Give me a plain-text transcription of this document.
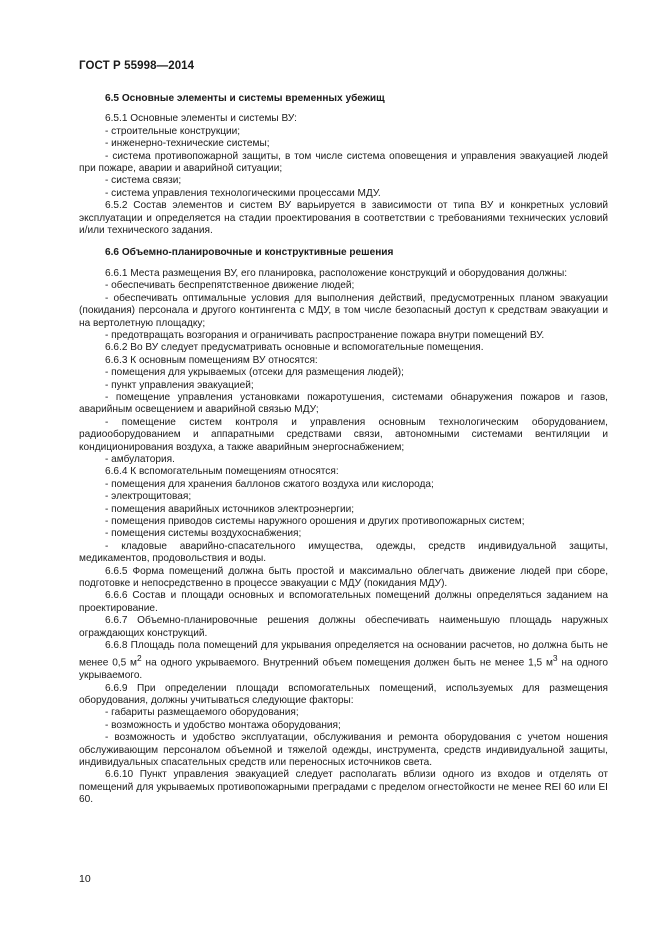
ГОСТ Р 55998—2014

6.5 Основные элементы и системы временных убежищ

6.5.1 Основные элементы и системы ВУ:

- строительные конструкции;

- инженерно-технические системы;

- система противопожарной защиты, в том числе система оповещения и управления эвакуацией людей при пожаре, аварии и аварийной ситуации;

- система связи;

- система управления технологическими процессами МДУ.

6.5.2 Состав элементов и систем ВУ варьируется в зависимости от типа ВУ и конкретных условий эксплуатации и определяется на стадии проектирования в соответствии с требованиями технических условий и/или технического задания.

6.6 Объемно-планировочные и конструктивные решения

6.6.1 Места размещения ВУ, его планировка, расположение конструкций и оборудования должны:

- обеспечивать беспрепятственное движение людей;

- обеспечивать оптимальные условия для выполнения действий, предусмотренных планом эвакуации (покидания) персонала и другого контингента с МДУ, в том числе безопасный доступ к средствам эвакуации и на вертолетную площадку;

- предотвращать возгорания и ограничивать распространение пожара внутри помещений ВУ.

6.6.2 Во ВУ следует предусматривать основные и вспомогательные помещения.

6.6.3 К основным помещениям ВУ относятся:

- помещения для укрываемых (отсеки для размещения людей);

- пункт управления эвакуацией;

- помещение управления установками пожаротушения, системами обнаружения пожаров и газов, аварийным освещением и аварийной связью МДУ;

- помещение систем контроля и управления основным технологическим оборудованием, радиооборудованием и аппаратными средствами связи, автономными системами вентиляции и кондиционирования воздуха, а также аварийным энергоснабжением;

- амбулатория.

6.6.4 К вспомогательным помещениям относятся:

- помещения для хранения баллонов сжатого воздуха или кислорода;

- электрощитовая;

- помещения аварийных источников электроэнергии;

- помещения приводов системы наружного орошения и других противопожарных систем;

- помещения системы воздухоснабжения;

- кладовые аварийно-спасательного имущества, одежды, средств индивидуальной защиты, медикаментов, продовольствия и воды.

6.6.5 Форма помещений должна быть простой и максимально облегчать движение людей при сборе, подготовке и непосредственно в процессе эвакуации с МДУ (покидания МДУ).

6.6.6 Состав и площади основных и вспомогательных помещений должны определяться заданием на проектирование.

6.6.7 Объемно-планировочные решения должны обеспечивать наименьшую площадь наружных ограждающих конструкций.

6.6.8 Площадь пола помещений для укрывания определяется на основании расчетов, но должна быть не менее 0,5 $м^2$ на одного укрываемого. Внутренний объем помещения должен быть не менее 1,5 $м^3$ на одного укрываемого.

6.6.9 При определении площади вспомогательных помещений, используемых для размещения оборудования, должны учитываться следующие факторы:

- габариты размещаемого оборудования;

- возможность и удобство монтажа оборудования;

- возможность и удобство эксплуатации, обслуживания и ремонта оборудования с учетом ношения обслуживающим персоналом объемной и тяжелой одежды, инструмента, средств индивидуальной защиты, индивидуальных спасательных средств или переносных источников света.

6.6.10 Пункт управления эвакуацией следует располагать вблизи одного из входов и отделять от помещений для укрываемых противопожарными преградами с пределом огнестойкости не менее REI 60 или EI 60.

10
